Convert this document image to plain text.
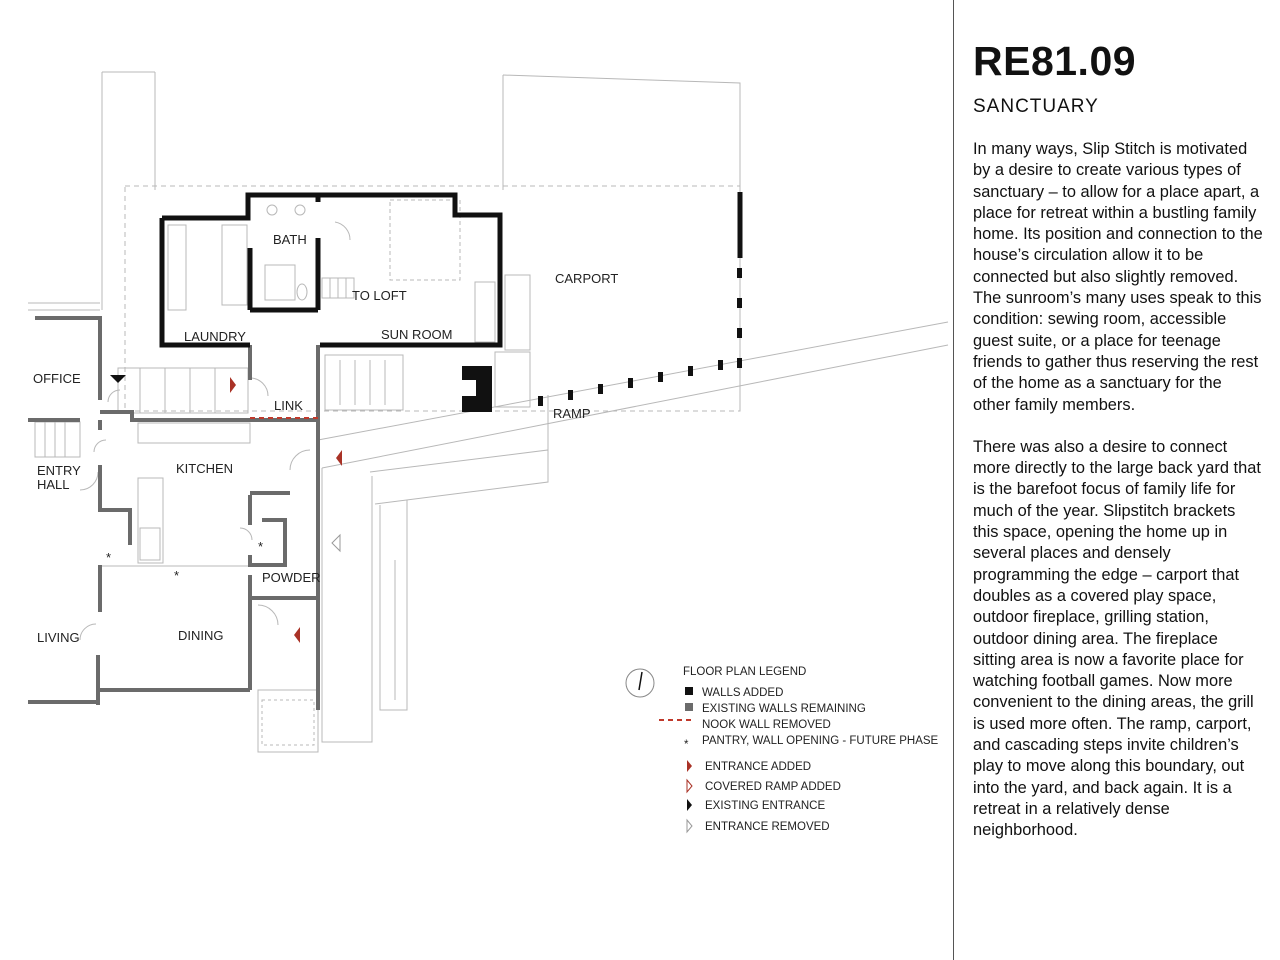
*
*
*
BATH
TO LOFT
CARPORT
LAUNDRY	SUN ROOM
OFFICE
LINK
RAMP
ENTRY
HALL
KITCHEN
POWDER
LIVING	DINING
FLOOR PLAN LEGEND
WALLS ADDED
EXISTING WALLS REMAINING
NOOK WALL REMOVED
* PANTRY, WALL OPENING - FUTURE PHASE
ENTRANCE ADDED
COVERED RAMP ADDED
EXISTING ENTRANCE
ENTRANCE REMOVED
RE81.09
SANCTUARY

In many ways, Slip Stitch is motivated by a desire to create various types of sanctuary – to allow for a place apart, a place for retreat within a bustling family home. Its position and connection to the house’s circulation allow it to be connected but also slightly removed. The sunroom’s many uses speak to this condition: sewing room, accessible guest suite, or a place for teenage friends to gather thus reserving the rest of the home as a sanctuary for the other family members.

There was also a desire to connect more directly to the large back yard that is the barefoot focus of family life for much of the year. Slipstitch brackets this space, opening the home up in several places and densely programming the edge – carport that doubles as a covered play space, outdoor fireplace, grilling station, outdoor dining area. The fireplace sitting area is now a favorite place for watching football games. Now more convenient to the dining areas, the grill is used more often. The ramp, carport, and cascading steps invite children’s play to move along this boundary, out into the yard, and back again. It is a retreat in a relatively dense neighborhood.
